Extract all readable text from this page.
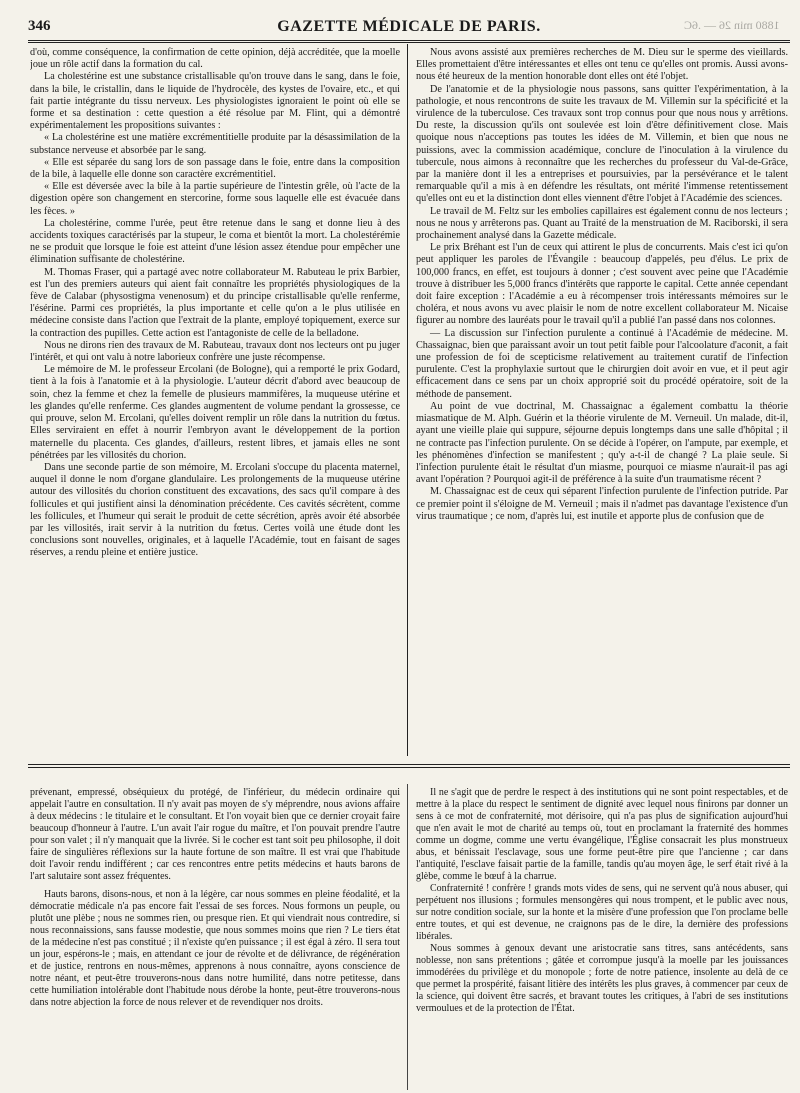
346	GAZETTE MÉDICALE DE PARIS.	1880 min 26 — .6C

d'où, comme conséquence, la confirmation de cette opinion, déjà accréditée, que la moelle joue un rôle actif dans la formation du cal.

La cholestérine est une substance cristallisable qu'on trouve dans le sang, dans le foie, dans la bile, le cristallin, dans le liquide de l'hydrocèle, des kystes de l'ovaire, etc., et qui fait partie intégrante du tissu nerveux. Les physiologistes ignoraient le point où elle se forme et sa destination : cette question a été résolue par M. Flint, qui a démontré expérimentalement les propositions suivantes :

« La cholestérine est une matière excrémentitielle produite par la désassimilation de la substance nerveuse et absorbée par le sang.

« Elle est séparée du sang lors de son passage dans le foie, entre dans la composition de la bile, à laquelle elle donne son caractère excrémentitiel.

« Elle est déversée avec la bile à la partie supérieure de l'intestin grêle, où l'acte de la digestion opère son changement en stercorine, forme sous laquelle elle est évacuée dans les fèces. »

La cholestérine, comme l'urée, peut être retenue dans le sang et donne lieu à des accidents toxiques caractérisés par la stupeur, le coma et bientôt la mort. La cholestérémie ne se produit que lorsque le foie est atteint d'une lésion assez étendue pour empêcher une élimination suffisante de cholestérine.

M. Thomas Fraser, qui a partagé avec notre collaborateur M. Rabuteau le prix Barbier, est l'un des premiers auteurs qui aient fait connaître les propriétés physiologiques de la fève de Calabar (physostigma venenosum) et du principe cristallisable qu'elle renferme, l'ésérine. Parmi ces propriétés, la plus importante et celle qu'on a le plus utilisée en médecine consiste dans l'action que l'extrait de la plante, employé topiquement, exerce sur la contraction des pupilles. Cette action est l'antagoniste de celle de la belladone.

Nous ne dirons rien des travaux de M. Rabuteau, travaux dont nos lecteurs ont pu juger l'intérêt, et qui ont valu à notre laborieux confrère une juste récompense.

Le mémoire de M. le professeur Ercolani (de Bologne), qui a remporté le prix Godard, tient à la fois à l'anatomie et à la physiologie. L'auteur décrit d'abord avec beaucoup de soin, chez la femme et chez la femelle de plusieurs mammifères, la muqueuse utérine et les glandes qu'elle renferme. Ces glandes augmentent de volume pendant la grossesse, ce qui prouve, selon M. Ercolani, qu'elles doivent remplir un rôle dans la nutrition du fœtus. Elles serviraient en effet à nourrir l'embryon avant le développement de la portion maternelle du placenta. Ces glandes, d'ailleurs, restent libres, et jamais elles ne sont pénétrées par les villosités du chorion.

Dans une seconde partie de son mémoire, M. Ercolani s'occupe du placenta maternel, auquel il donne le nom d'organe glandulaire. Les prolongements de la muqueuse utérine autour des villosités du chorion constituent des excavations, des sacs qu'il compare à des follicules et qui justifient ainsi la dénomination précédente. Ces cavités sécrètent, comme les follicules, et l'humeur qui serait le produit de cette sécrétion, après avoir été absorbée par les villosités, irait servir à la nutrition du fœtus. Certes voilà une étude dont les conclusions sont nouvelles, originales, et à laquelle l'Académie, tout en faisant de sages réserves, a rendu pleine et entière justice.

Nous avons assisté aux premières recherches de M. Dieu sur le sperme des vieillards. Elles promettaient d'être intéressantes et elles ont tenu ce qu'elles ont promis. Aussi avons-nous été heureux de la mention honorable dont elles ont été l'objet.

De l'anatomie et de la physiologie nous passons, sans quitter l'expérimentation, à la pathologie, et nous rencontrons de suite les travaux de M. Villemin sur la spécificité et la virulence de la tuberculose. Ces travaux sont trop connus pour que nous nous y arrêtions. Du reste, la discussion qu'ils ont soulevée est loin d'être définitivement close. Mais quoique nous n'acceptions pas toutes les idées de M. Villemin, et bien que nous ne puissions, avec la commission académique, conclure de l'inoculation à la virulence du tubercule, nous aimons à reconnaître que les recherches du professeur du Val-de-Grâce, par la manière dont il les a entreprises et poursuivies, par la persévérance et le talent remarquable qu'il a mis à en défendre les résultats, ont mérité l'immense retentissement qu'elles ont eu et la distinction dont elles viennent d'être l'objet à l'Académie des sciences.

Le travail de M. Feltz sur les embolies capillaires est également connu de nos lecteurs ; nous ne nous y arrêterons pas. Quant au Traité de la menstruation de M. Raciborski, il sera prochainement analysé dans la Gazette médicale.

Le prix Bréhant est l'un de ceux qui attirent le plus de concurrents. Mais c'est ici qu'on peut appliquer les paroles de l'Évangile : beaucoup d'appelés, peu d'élus. Le prix de 100,000 francs, en effet, est toujours à donner ; c'est souvent avec peine que l'Académie trouve à distribuer les 5,000 francs d'intérêts que rapporte le capital. Cette année cependant doit faire exception : l'Académie a eu à récompenser trois intéressants mémoires sur le choléra, et nous avons vu avec plaisir le nom de notre excellent collaborateur M. Nicaise figurer au nombre des lauréats pour le travail qu'il a publié l'an passé dans nos colonnes.

— La discussion sur l'infection purulente a continué à l'Académie de médecine. M. Chassaignac, bien que paraissant avoir un tout petit faible pour l'alcoolature d'aconit, a fait une profession de foi de scepticisme relativement au traitement curatif de l'infection purulente. C'est la prophylaxie surtout que le chirurgien doit avoir en vue, et il peut agir efficacement dans ce sens par un choix approprié soit du procédé opératoire, soit de la méthode de pansement.

Au point de vue doctrinal, M. Chassaignac a également combattu la théorie miasmatique de M. Alph. Guérin et la théorie virulente de M. Verneuil. Un malade, dit-il, ayant une vieille plaie qui suppure, séjourne depuis longtemps dans une salle d'hôpital ; il ne contracte pas l'infection purulente. On se décide à l'opérer, on l'ampute, par exemple, et les phénomènes d'infection se manifestent ; qu'y a-t-il de changé ? La plaie seule. Si l'infection purulente était le résultat d'un miasme, pourquoi ce miasme n'aurait-il pas agi avant l'opération ? Pourquoi agit-il de préférence à la suite d'un traumatisme récent ?

M. Chassaignac est de ceux qui séparent l'infection purulente de l'infection putride. Par ce premier point il s'éloigne de M. Verneuil ; mais il n'admet pas davantage l'existence d'un virus traumatique ; ce nom, d'après lui, est inutile et apporte plus de confusion que de

prévenant, empressé, obséquieux du protégé, de l'inférieur, du médecin ordinaire qui appelait l'autre en consultation. Il n'y avait pas moyen de s'y méprendre, nous avions affaire à deux médecins : le titulaire et le consultant. Et l'on voyait bien que ce dernier croyait faire beaucoup d'honneur à l'autre. L'un avait l'air rogue du maître, et l'on pouvait prendre l'autre pour son valet ; il n'y manquait que la livrée. Si le cocher est tant soit peu philosophe, il doit faire de singulières réflexions sur la haute fortune de son maître. Il est vrai que l'habitude doit l'avoir rendu indifférent ; car ces rencontres entre petits médecins et hauts barons de l'art salutaire sont assez fréquentes.

Hauts barons, disons-nous, et non à la légère, car nous sommes en pleine féodalité, et la démocratie médicale n'a pas encore fait l'essai de ses forces. Nous formons un peuple, ou plutôt une plèbe ; nous ne sommes rien, ou presque rien. Et qui viendrait nous contredire, si nous reconnaissions, sans fausse modestie, que nous sommes moins que rien ? Le tiers état de la médecine n'est pas constitué ; il n'existe qu'en puissance ; il est égal à zéro. Il sera tout un jour, espérons-le ; mais, en attendant ce jour de révolte et de délivrance, de régénération et de justice, rentrons en nous-mêmes, apprenons à nous connaître, ayons conscience de notre néant, et peut-être trouverons-nous dans notre humilité, dans notre petitesse, dans cette humiliation intolérable dont l'habitude nous dérobe la honte, peut-être trouverons-nous dans notre abjection la force de nous relever et de revendiquer nos droits.

Il ne s'agit que de perdre le respect à des institutions qui ne sont point respectables, et de mettre à la place du respect le sentiment de dignité avec lequel nous finirons par donner un sens à ce mot de confraternité, mot dérisoire, qui n'a pas plus de signification aujourd'hui que n'en avait le mot de charité au temps où, tout en proclamant la fraternité des hommes comme un dogme, comme une vertu évangélique, l'Église consacrait les plus monstrueux abus, et bénissait l'esclavage, sous une forme peut-être pire que l'ancienne ; car dans l'antiquité, l'esclave faisait partie de la famille, tandis qu'au moyen âge, le serf était rivé à la glèbe, comme le bœuf à la charrue.

Confraternité ! confrère ! grands mots vides de sens, qui ne servent qu'à nous abuser, qui perpétuent nos illusions ; formules mensongères qui nous trompent, et le public avec nous, sur notre condition sociale, sur la honte et la misère d'une profession que l'on proclame belle entre toutes, et qui est devenue, ne craignons pas de le dire, la dernière des professions libérales.

Nous sommes à genoux devant une aristocratie sans titres, sans antécédents, sans noblesse, non sans prétentions ; gâtée et corrompue jusqu'à la moelle par les jouissances immodérées du privilège et du monopole ; forte de notre patience, insolente au delà de ce que permet la prospérité, faisant litière des intérêts les plus graves, à commencer par ceux de la science, qui doivent être sacrés, et bravant toutes les critiques, à l'abri de ses institutions vermoulues et de la protection de l'État.
